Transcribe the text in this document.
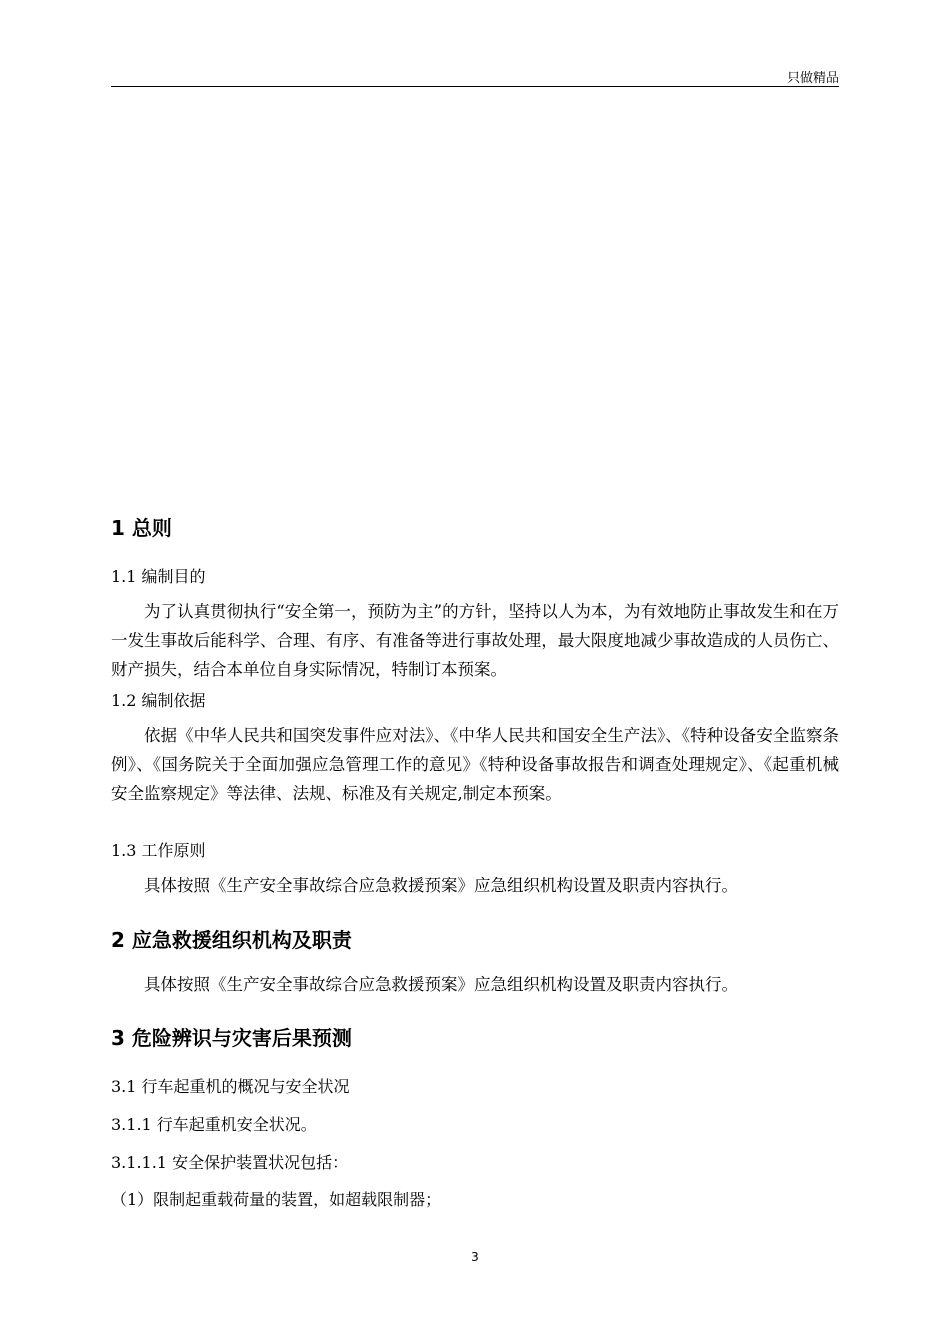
只做精品
1 总则
1.1 编制目的
为了认真贯彻执行“安全第一，预防为主”的方针，坚持以人为本，为有效地防止事故发生和在万一发生事故后能科学、合理、有序、有准备等进行事故处理，最大限度地减少事故造成的人员伤亡、财产损失，结合本单位自身实际情况，特制订本预案。
1.2 编制依据
依据《中华人民共和国突发事件应对法》、《中华人民共和国安全生产法》、《特种设备安全监察条例》、《国务院关于全面加强应急管理工作的意见》《特种设备事故报告和调查处理规定》、《起重机械安全监察规定》等法律、法规、标准及有关规定,制定本预案。
1.3 工作原则
具体按照《生产安全事故综合应急救援预案》应急组织机构设置及职责内容执行。
2 应急救援组织机构及职责
具体按照《生产安全事故综合应急救援预案》应急组织机构设置及职责内容执行。
3 危险辨识与灾害后果预测
3.1 行车起重机的概况与安全状况
3.1.1 行车起重机安全状况。
3.1.1.1 安全保护装置状况包括：
（1）限制起重载荷量的装置，如超载限制器；
3
